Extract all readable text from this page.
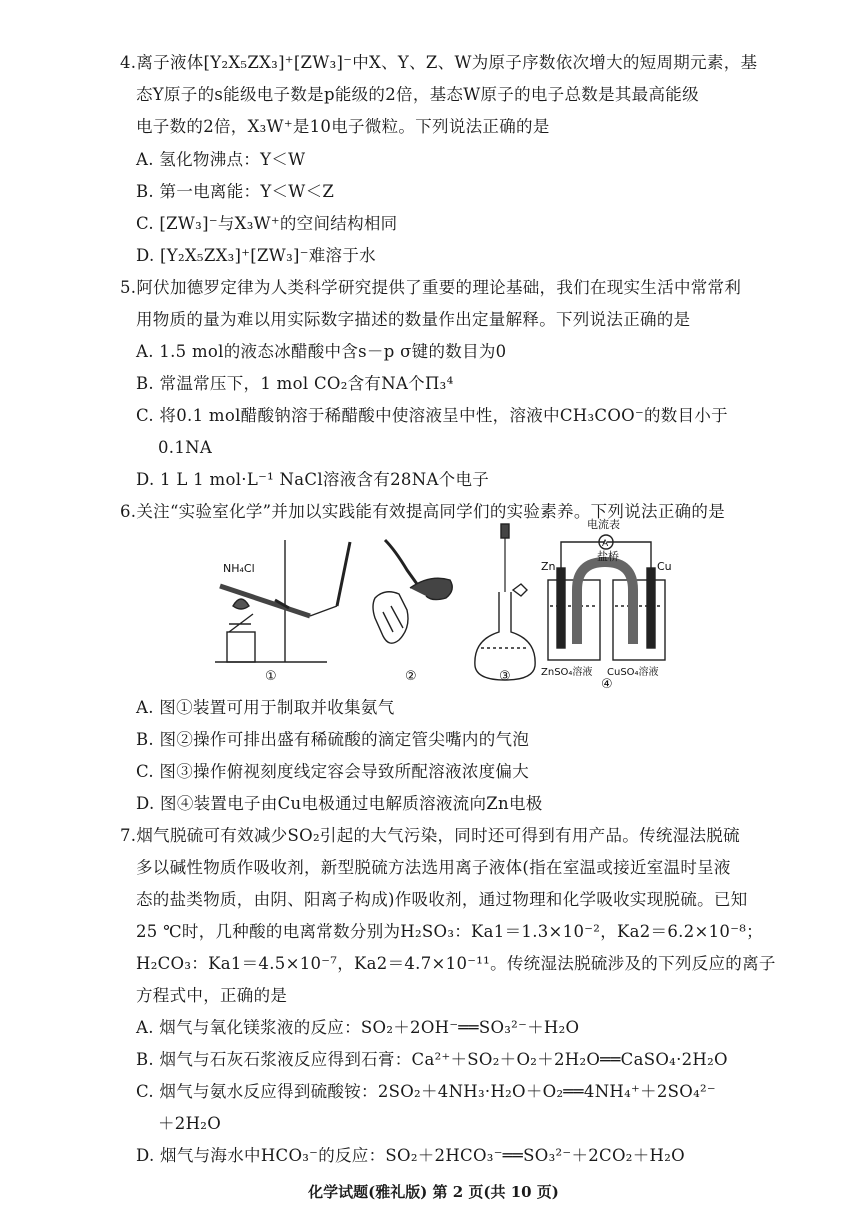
4.离子液体[Y₂X₅ZX₃]⁺[ZW₃]⁻中X、Y、Z、W为原子序数依次增大的短周期元素，基
态Y原子的s能级电子数是p能级的2倍，基态W原子的电子总数是其最高能级
电子数的2倍，X₃W⁺是10电子微粒。下列说法正确的是
A. 氢化物沸点：Y＜W
B. 第一电离能：Y＜W＜Z
C. [ZW₃]⁻与X₃W⁺的空间结构相同
D. [Y₂X₅ZX₃]⁺[ZW₃]⁻难溶于水
5.阿伏加德罗定律为人类科学研究提供了重要的理论基础，我们在现实生活中常常利
用物质的量为难以用实际数字描述的数量作出定量解释。下列说法正确的是
A. 1.5 mol的液态冰醋酸中含s－p σ键的数目为0
B. 常温常压下，1 mol CO₂含有NA个Π₃⁴
C. 将0.1 mol醋酸钠溶于稀醋酸中使溶液呈中性，溶液中CH₃COO⁻的数目小于
0.1NA
D. 1 L 1 mol·L⁻¹ NaCl溶液含有28NA个电子
6.关注“实验室化学”并加以实践能有效提高同学们的实验素养。下列说法正确的是
NH₄Cl
电流表
A
盐桥
Zn	Cu
ZnSO₄溶液 CuSO₄溶液
①	②	③
④
A. 图①装置可用于制取并收集氨气
B. 图②操作可排出盛有稀硫酸的滴定管尖嘴内的气泡
C. 图③操作俯视刻度线定容会导致所配溶液浓度偏大
D. 图④装置电子由Cu电极通过电解质溶液流向Zn电极
7.烟气脱硫可有效减少SO₂引起的大气污染，同时还可得到有用产品。传统湿法脱硫
多以碱性物质作吸收剂，新型脱硫方法选用离子液体(指在室温或接近室温时呈液
态的盐类物质，由阴、阳离子构成)作吸收剂，通过物理和化学吸收实现脱硫。已知
25 ℃时，几种酸的电离常数分别为H₂SO₃：Ka1＝1.3×10⁻²，Ka2＝6.2×10⁻⁸；
H₂CO₃：Ka1＝4.5×10⁻⁷，Ka2＝4.7×10⁻¹¹。传统湿法脱硫涉及的下列反应的离子
方程式中，正确的是
A. 烟气与氧化镁浆液的反应：SO₂＋2OH⁻══SO₃²⁻＋H₂O
B. 烟气与石灰石浆液反应得到石膏：Ca²⁺＋SO₂＋O₂＋2H₂O══CaSO₄·2H₂O
C. 烟气与氨水反应得到硫酸铵：2SO₂＋4NH₃·H₂O＋O₂══4NH₄⁺＋2SO₄²⁻
＋2H₂O
D. 烟气与海水中HCO₃⁻的反应：SO₂＋2HCO₃⁻══SO₃²⁻＋2CO₂＋H₂O
化学试题(雅礼版) 第 2 页(共 10 页)
